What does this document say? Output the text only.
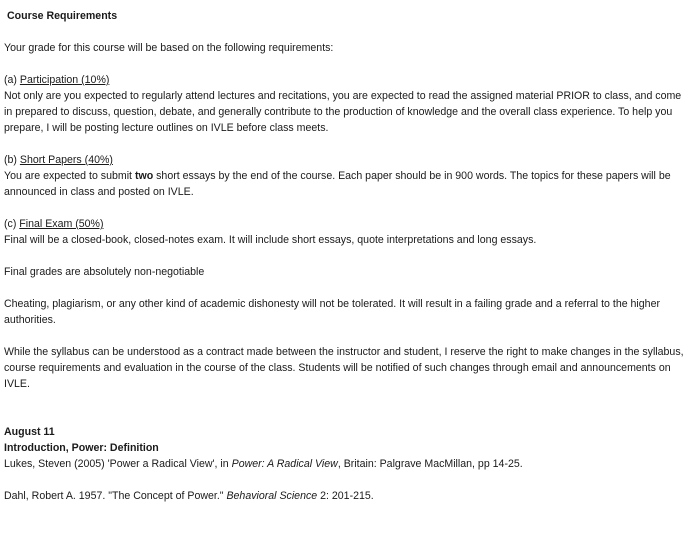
Course Requirements
Your grade for this course will be based on the following requirements:
(a) Participation (10%)
Not only are you expected to regularly attend lectures and recitations, you are expected to read the assigned material PRIOR to class, and come in prepared to discuss, question, debate, and generally contribute to the production of knowledge and the overall class experience. To help you prepare, I will be posting lecture outlines on IVLE before class meets.
(b) Short Papers (40%)
You are expected to submit two short essays by the end of the course. Each paper should be in 900 words. The topics for these papers will be announced in class and posted on IVLE.
(c) Final Exam (50%)
Final will be a closed-book, closed-notes exam. It will include short essays, quote interpretations and long essays.
Final grades are absolutely non-negotiable
Cheating, plagiarism, or any other kind of academic dishonesty will not be tolerated. It will result in a failing grade and a referral to the higher authorities.
While the syllabus can be understood as a contract made between the instructor and student, I reserve the right to make changes in the syllabus, course requirements and evaluation in the course of the class. Students will be notified of such changes through email and announcements on IVLE.
August 11
Introduction, Power: Definition
Lukes, Steven (2005) 'Power a Radical View', in Power: A Radical View, Britain: Palgrave MacMillan, pp 14-25.
Dahl, Robert A. 1957. "The Concept of Power." Behavioral Science 2: 201-215.
